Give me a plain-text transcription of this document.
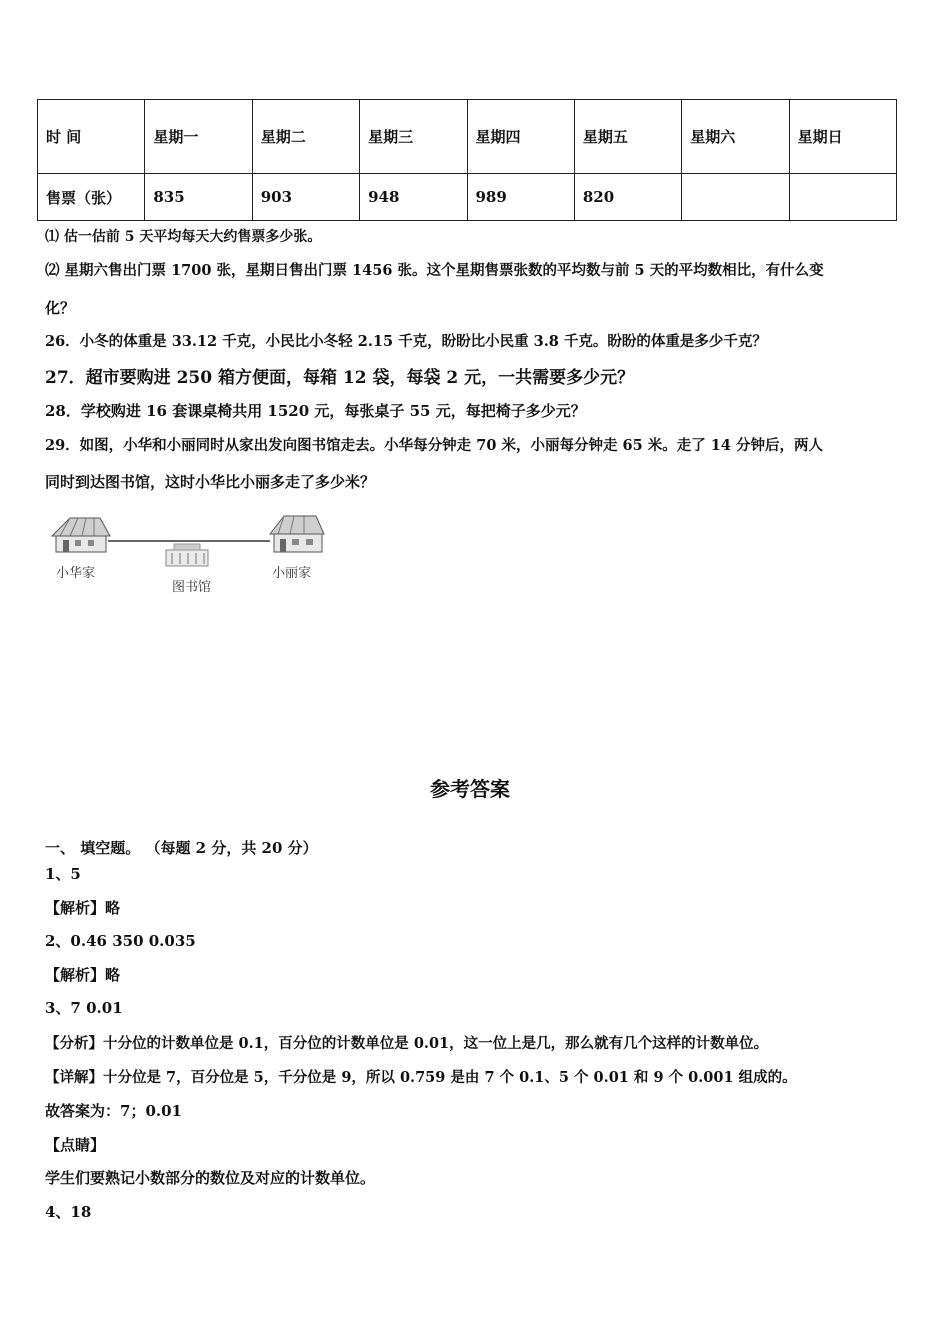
时 间	星期一	星期二	星期三	星期四	星期五	星期六	星期日
售票（张）	835	903	948	989	820		
⑴ 估一估前 5 天平均每天大约售票多少张。
⑵ 星期六售出门票 1700 张，星期日售出门票 1456 张。这个星期售票张数的平均数与前 5 天的平均数相比，有什么变
化？
26．小冬的体重是 33.12 千克，小民比小冬轻 2.15 千克，盼盼比小民重 3.8 千克。盼盼的体重是多少千克？
27．超市要购进 250 箱方便面，每箱 12 袋，每袋 2 元，一共需要多少元？
28．学校购进 16 套课桌椅共用 1520 元，每张桌子 55 元，每把椅子多少元？
29．如图，小华和小丽同时从家出发向图书馆走去。小华每分钟走 70 米，小丽每分钟走 65 米。走了 14 分钟后，两人
同时到达图书馆，这时小华比小丽多走了多少米？
小华家
图书馆
小丽家
参考答案
一、 填空题。 （每题 2 分，共 20 分）
1、5
【解析】略
2、0.46 350 0.035
【解析】略
3、7 0.01
【分析】十分位的计数单位是 0.1，百分位的计数单位是 0.01，这一位上是几，那么就有几个这样的计数单位。
【详解】十分位是 7，百分位是 5，千分位是 9，所以 0.759 是由 7 个 0.1、5 个 0.01 和 9 个 0.001 组成的。
故答案为：7；0.01
【点睛】
学生们要熟记小数部分的数位及对应的计数单位。
4、18
